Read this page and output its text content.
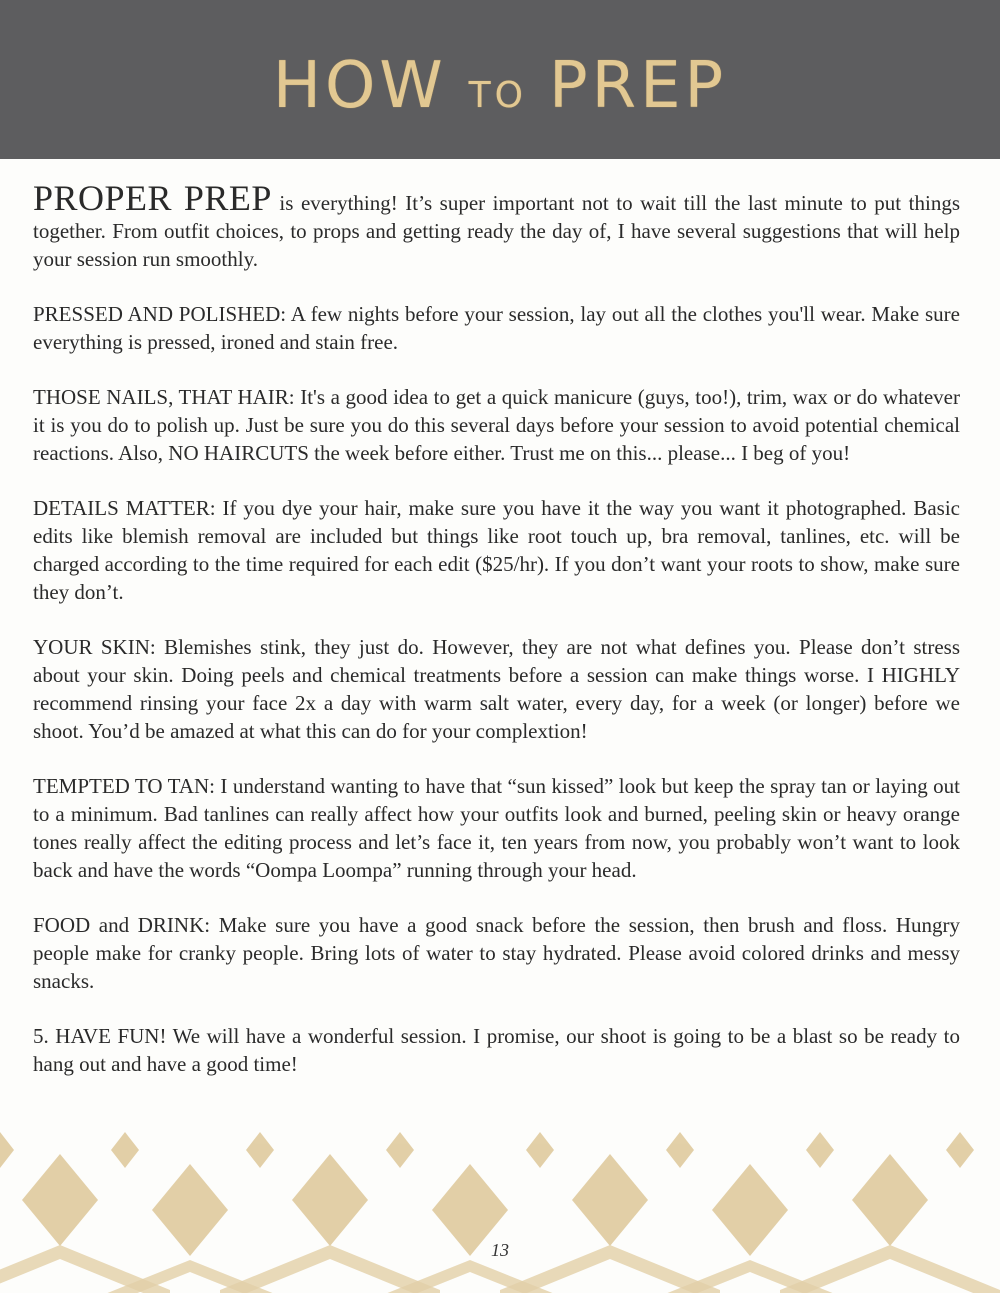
HOW TO PREP

PROPER PREP is everything! It’s super important not to wait till the last minute to put things together. From outfit choices, to props and getting ready the day of, I have several suggestions that will help your session run smoothly.

PRESSED AND POLISHED: A few nights before your session, lay out all the clothes you'll wear. Make sure everything is pressed, ironed and stain free.

THOSE NAILS, THAT HAIR: It's a good idea to get a quick manicure (guys, too!), trim, wax or do whatever it is you do to polish up. Just be sure you do this several days before your session to avoid potential chemical reactions. Also, NO HAIRCUTS the week before either. Trust me on this... please... I beg of you!

DETAILS MATTER: If you dye your hair, make sure you have it the way you want it photographed. Basic edits like blemish removal are included but things like root touch up, bra removal, tanlines, etc. will be charged according to the time required for each edit ($25/hr). If you don’t want your roots to show, make sure they don’t.

YOUR SKIN: Blemishes stink, they just do. However, they are not what defines you. Please don’t stress about your skin. Doing peels and chemical treatments before a session can make things worse. I HIGHLY recommend rinsing your face 2x a day with warm salt water, every day, for a week (or longer) before we shoot. You’d be amazed at what this can do for your complextion!

TEMPTED TO TAN: I understand wanting to have that “sun kissed” look but keep the spray tan or laying out to a minimum. Bad tanlines can really affect how your outfits look and burned, peeling skin or heavy orange tones really affect the editing process and let’s face it, ten years from now, you probably won’t want to look back and have the words “Oompa Loompa” running through your head.

FOOD and DRINK: Make sure you have a good snack before the session, then brush and floss. Hungry people make for cranky people. Bring lots of water to stay hydrated. Please avoid colored drinks and messy snacks.

5. HAVE FUN! We will have a wonderful session. I promise, our shoot is going to be a blast so be ready to hang out and have a good time!

13
